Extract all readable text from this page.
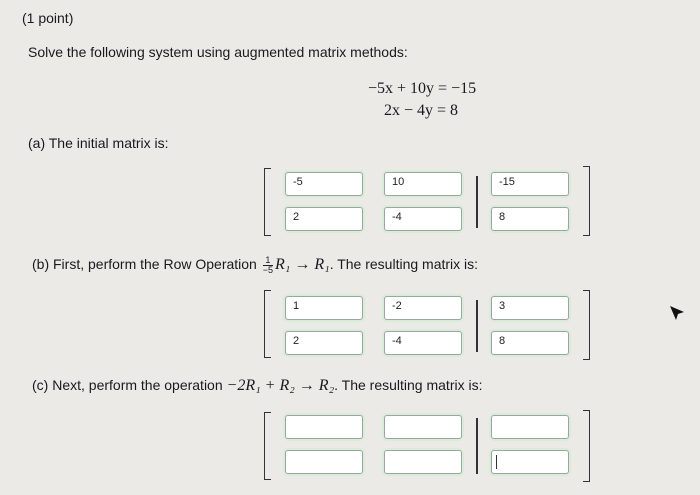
(1 point)
Solve the following system using augmented matrix methods:
−5x + 10y = −15
2x − 4y = 8
(a) The initial matrix is:
-5	10	-15
2	-4	8
(b) First, perform the Row Operation $\frac{1}{-5} R_1 \to R_1$. The resulting matrix is:
1	-2	3
2	-4	8
(c) Next, perform the operation −2R₁ + R₂ → R₂. The resulting matrix is:
